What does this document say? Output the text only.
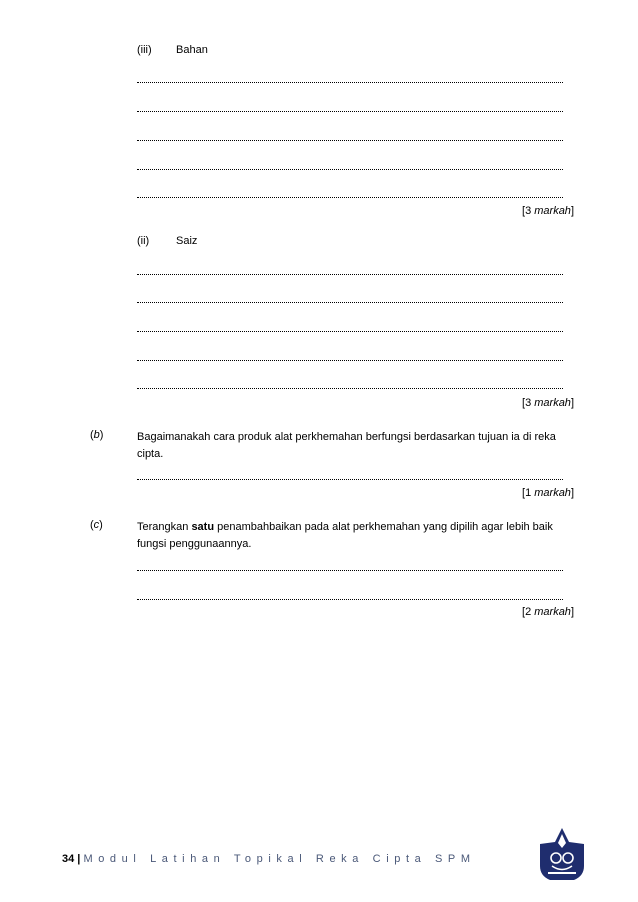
(iii) Bahan
[3 markah]
(ii) Saiz
[3 markah]
(b)	Bagaimanakah cara produk alat perkhemahan berfungsi berdasarkan tujuan ia di reka cipta.
[1 markah]
(c)	Terangkan satu penambahbaikan pada alat perkhemahan yang dipilih agar lebih baik fungsi penggunaannya.
[2 markah]
34 | Modul Latihan Topikal Reka Cipta SPM
